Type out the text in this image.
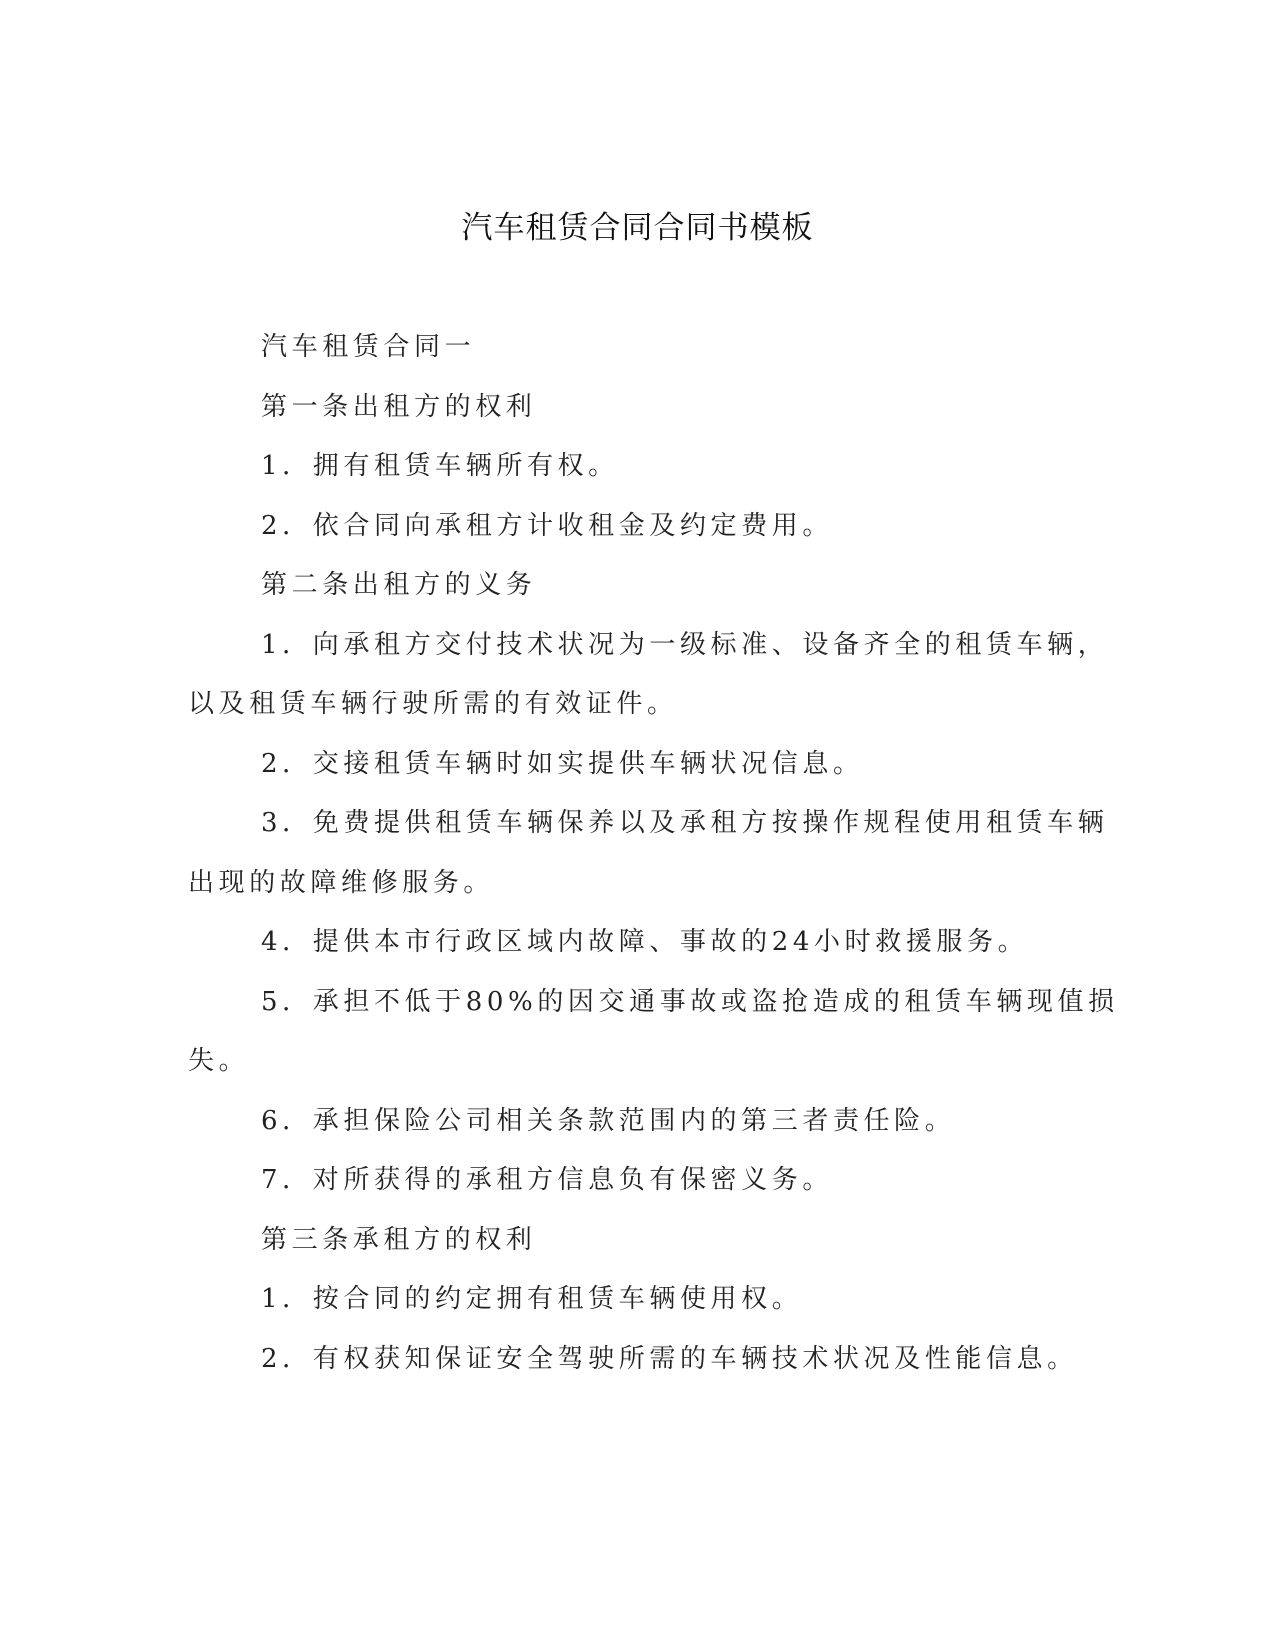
汽车租赁合同合同书模板
汽车租赁合同一
第一条出租方的权利
1．拥有租赁车辆所有权。
2．依合同向承租方计收租金及约定费用。
第二条出租方的义务
1．向承租方交付技术状况为一级标准、设备齐全的租赁车辆，
以及租赁车辆行驶所需的有效证件。
2．交接租赁车辆时如实提供车辆状况信息。
3．免费提供租赁车辆保养以及承租方按操作规程使用租赁车辆
出现的故障维修服务。
4．提供本市行政区域内故障、事故的24小时救援服务。
5．承担不低于80%的因交通事故或盗抢造成的租赁车辆现值损
失。
6．承担保险公司相关条款范围内的第三者责任险。
7．对所获得的承租方信息负有保密义务。
第三条承租方的权利
1．按合同的约定拥有租赁车辆使用权。
2．有权获知保证安全驾驶所需的车辆技术状况及性能信息。
